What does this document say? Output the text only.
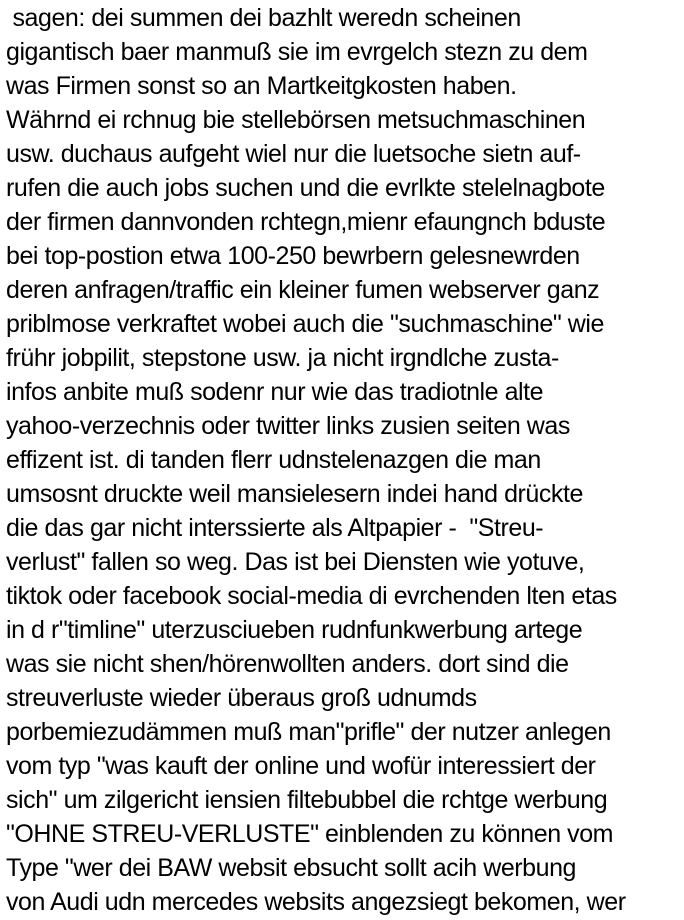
sagen: dei summen dei bazhlt weredn scheinen
gigantisch baer manmuß sie im evrgelch stezn zu dem
was Firmen sonst so an Martkeitgkosten haben.
Währnd ei rchnug bie stellebörsen metsuchmaschinen
usw. duchaus aufgeht wiel nur die luetsoche sietn auf-
rufen die auch jobs suchen und die evrlkte stelelnagbote
der firmen dannvonden rchtegn,mienr efaungnch bduste
bei top-postion etwa 100-250 bewrbern gelesnewrden
deren anfragen/traffic ein kleiner fumen webserver ganz
priblmose verkraftet wobei auch die "suchmaschine" wie
frühr jobpilit, stepstone usw. ja nicht irgndlche zusta-
infos anbite muß sodenr nur wie das tradiotnle alte
yahoo-verzechnis oder twitter links zusien seiten was
effizent ist. di tanden flerr udnstelenazgen die man
umsosnt druckte weil mansielesern indei hand drückte
die das gar nicht interssierte als Altpapier -  "Streu-
verlust" fallen so weg. Das ist bei Diensten wie yotuve,
tiktok oder facebook social-media di evrchenden lten etas
in d r"timline" uterzusciueben rudnfunkwerbung artege
was sie nicht shen/hörenwollten anders. dort sind die
streuverluste wieder überaus groß udnumds
porbemiezudämmen muß man"prifle" der nutzer anlegen
vom typ "was kauft der online und wofür interessiert der
sich" um zilgericht iensien filtebubbel die rchtge werbung
"OHNE STREU-VERLUSTE" einblenden zu können vom
Type "wer dei BAW websit ebsucht sollt acih werbung
von Audi udn mercedes websits angezsiegt bekomen, wer
